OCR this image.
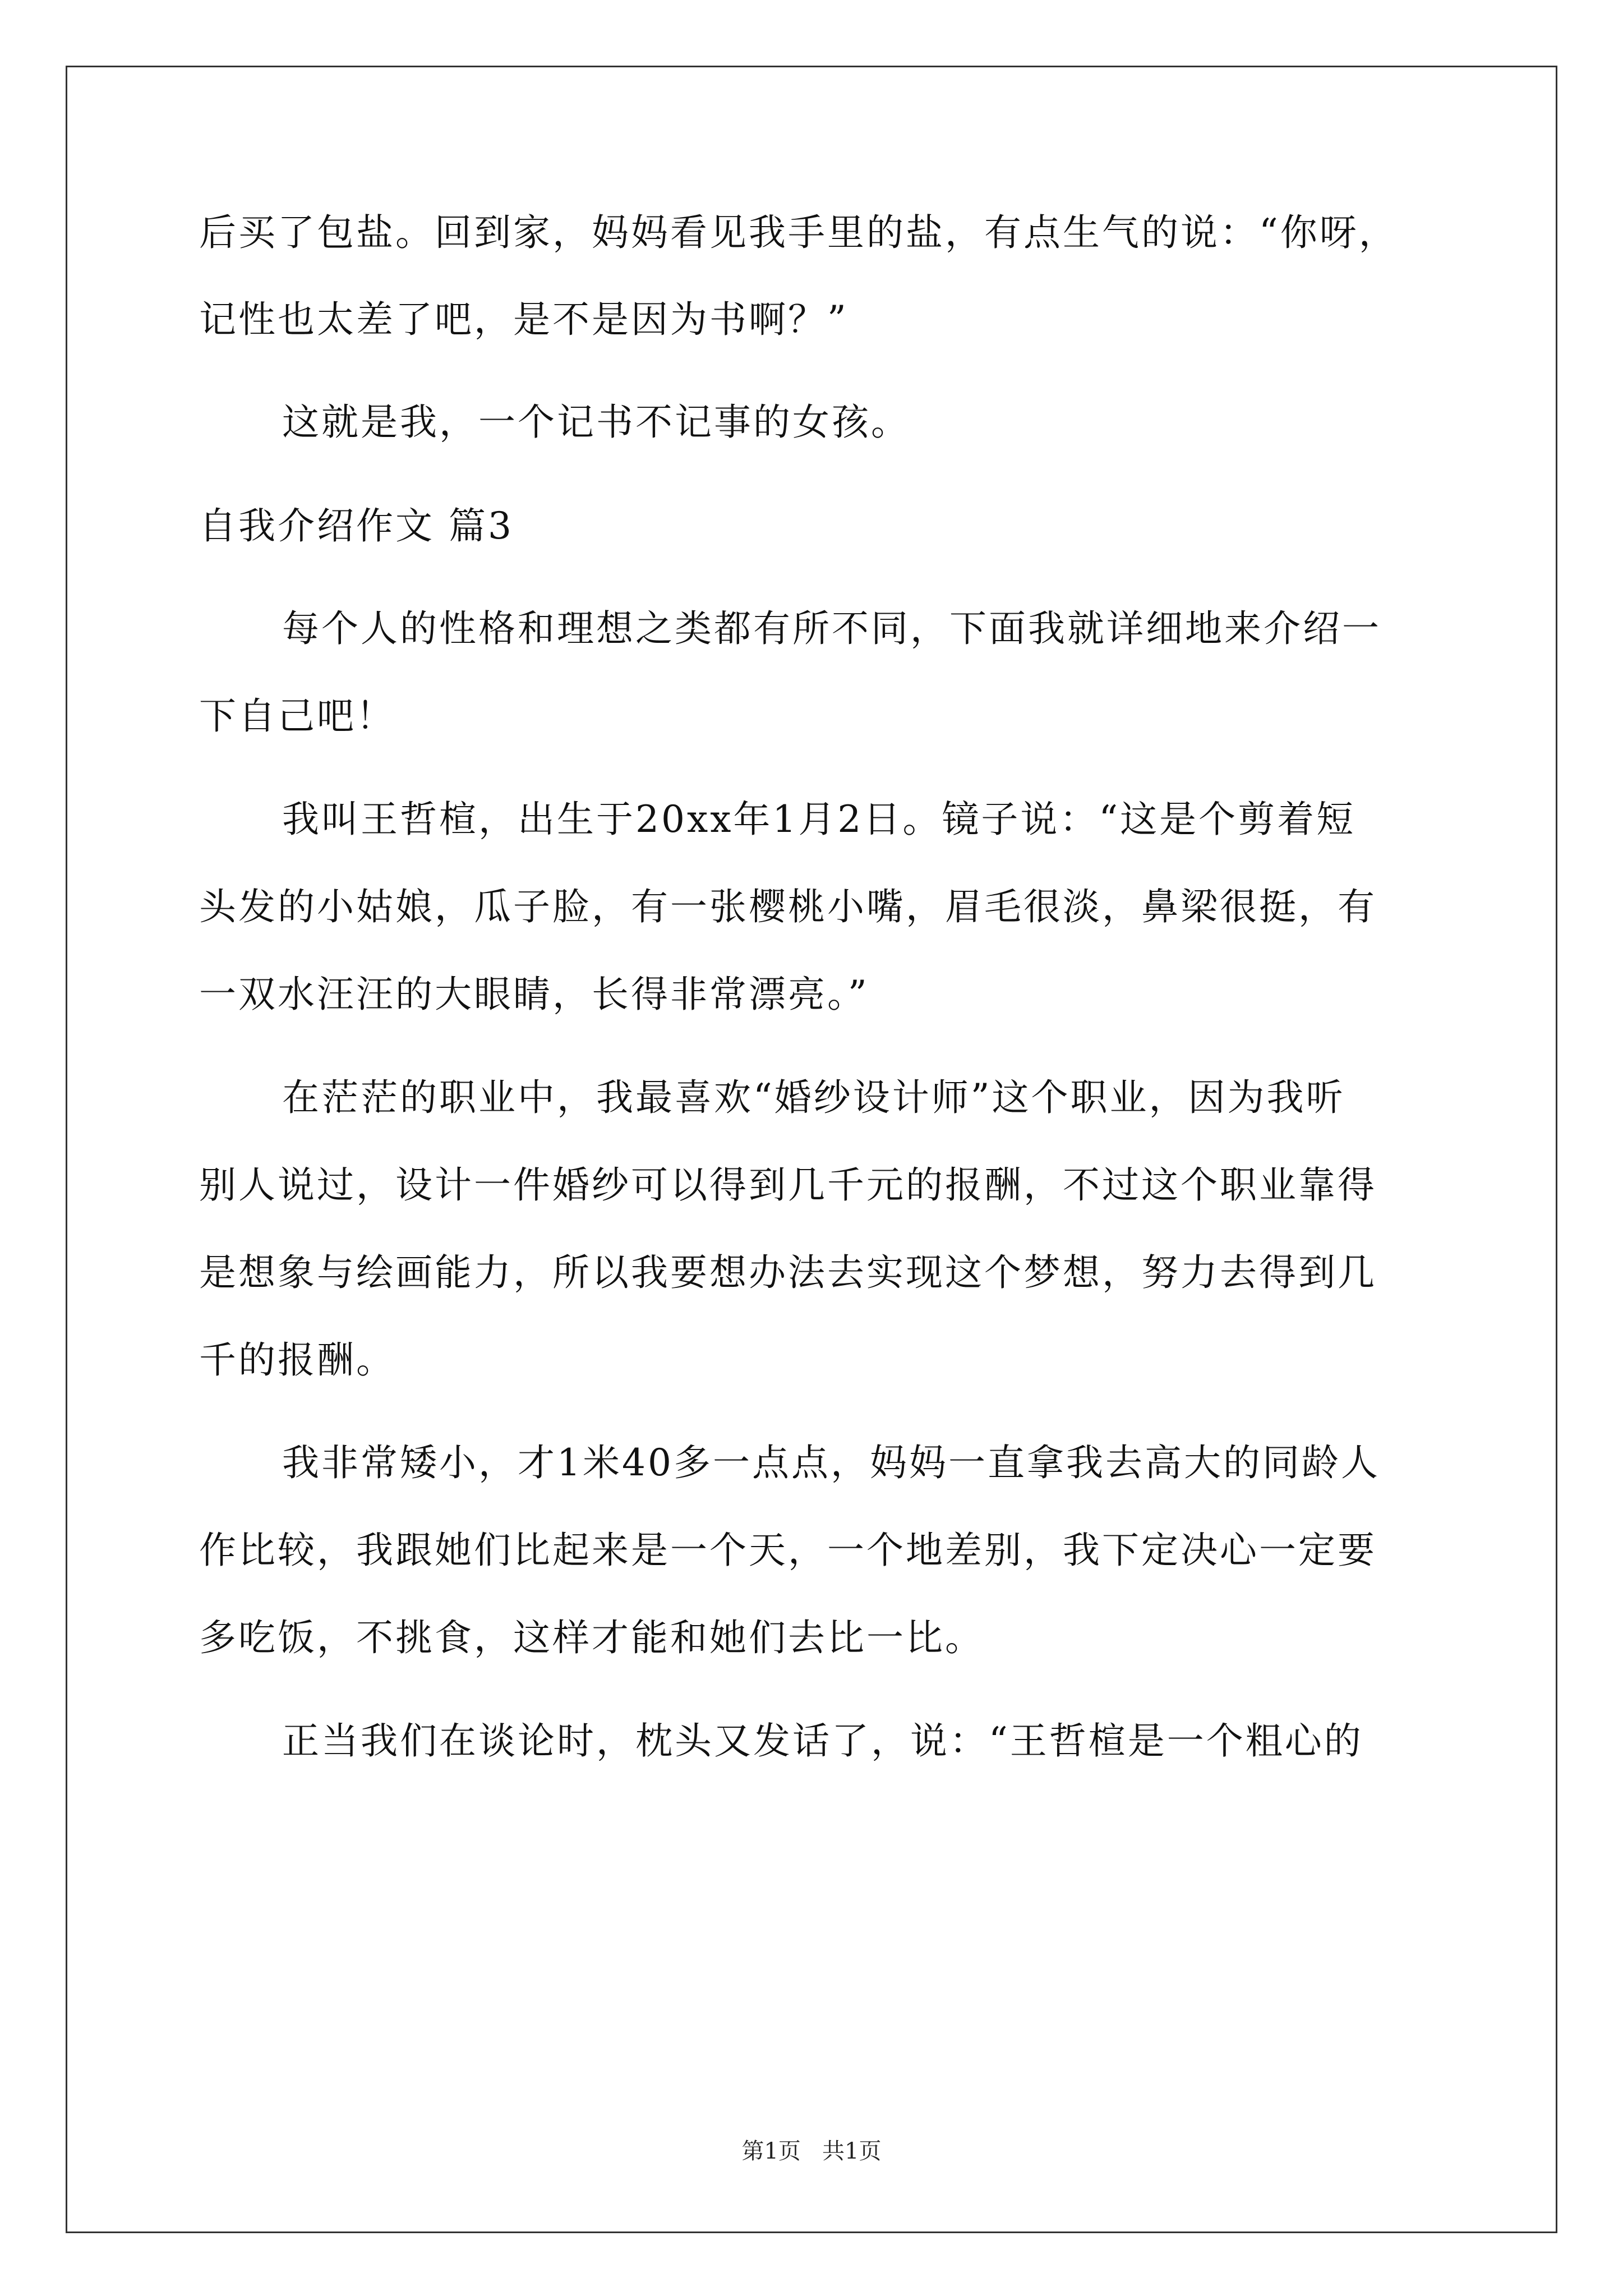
后买了包盐。回到家，妈妈看见我手里的盐，有点生气的说：“你呀，
记性也太差了吧，是不是因为书啊？”
这就是我，一个记书不记事的女孩。
自我介绍作文 篇3
每个人的性格和理想之类都有所不同，下面我就详细地来介绍一
下自己吧！
我叫王哲楦，出生于20xx年1月2日。镜子说：“这是个剪着短
头发的小姑娘，瓜子脸，有一张樱桃小嘴，眉毛很淡，鼻梁很挺，有
一双水汪汪的大眼睛，长得非常漂亮。”
在茫茫的职业中，我最喜欢“婚纱设计师”这个职业，因为我听
别人说过，设计一件婚纱可以得到几千元的报酬，不过这个职业靠得
是想象与绘画能力，所以我要想办法去实现这个梦想，努力去得到几
千的报酬。
我非常矮小，才1米40多一点点，妈妈一直拿我去高大的同龄人
作比较，我跟她们比起来是一个天，一个地差别，我下定决心一定要
多吃饭，不挑食，这样才能和她们去比一比。
正当我们在谈论时，枕头又发话了，说：“王哲楦是一个粗心的
第1页   共1页
